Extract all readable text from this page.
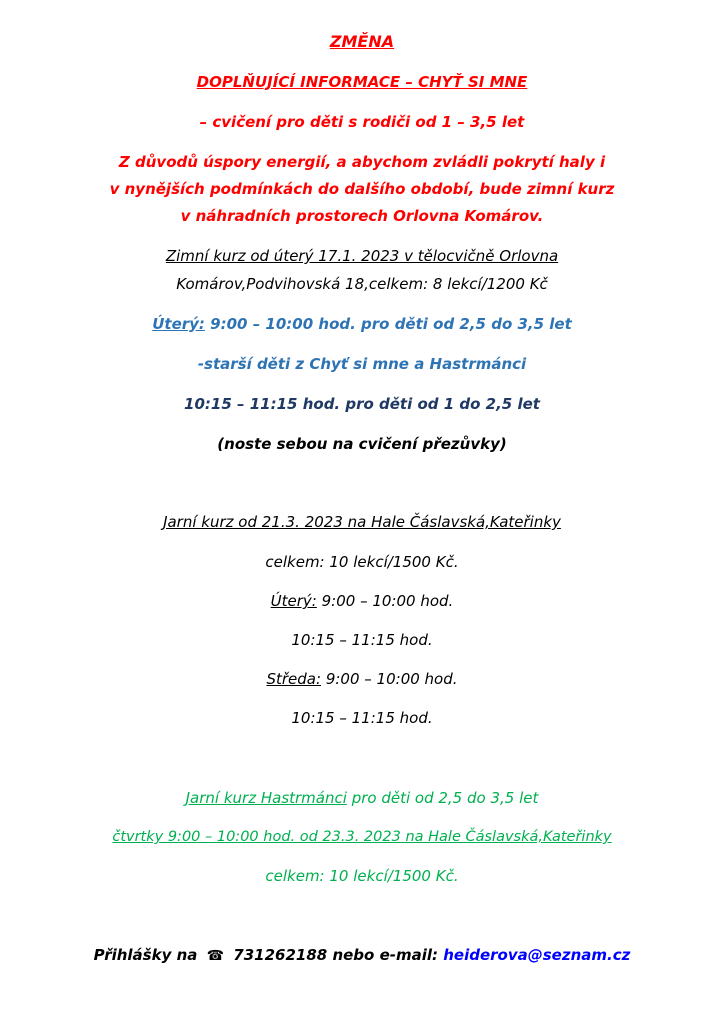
ZMĚNA
DOPLŇUJÍCÍ INFORMACE – CHYŤ SI MNE
– cvičení pro děti s rodiči od 1 – 3,5 let
Z důvodů úspory energií, a abychom zvládli pokrytí haly i
v nynějších podmínkách do dalšího období, bude zimní kurz
v náhradních prostorech Orlovna Komárov.
Zimní kurz od úterý 17.1. 2023 v tělocvičně Orlovna
Komárov,Podvihovská 18,celkem: 8 lekcí/1200 Kč
Úterý: 9:00 – 10:00 hod. pro děti od 2,5 do 3,5 let
-starší děti z Chyť si mne a Hastrmánci
10:15 – 11:15 hod. pro děti od 1 do 2,5 let
(noste sebou na cvičení přezůvky)
Jarní kurz od 21.3. 2023 na Hale Čáslavská,Kateřinky
celkem: 10 lekcí/1500 Kč.
Úterý: 9:00 – 10:00 hod.
10:15 – 11:15 hod.
Středa: 9:00 – 10:00 hod.
10:15 – 11:15 hod.
Jarní kurz Hastrmánci pro děti od 2,5 do 3,5 let
čtvrtky 9:00 – 10:00 hod. od 23.3. 2023 na Hale Čáslavská,Kateřinky
celkem: 10 lekcí/1500 Kč.
Přihlášky na ☎ 731262188 nebo e-mail: heiderova@seznam.cz
